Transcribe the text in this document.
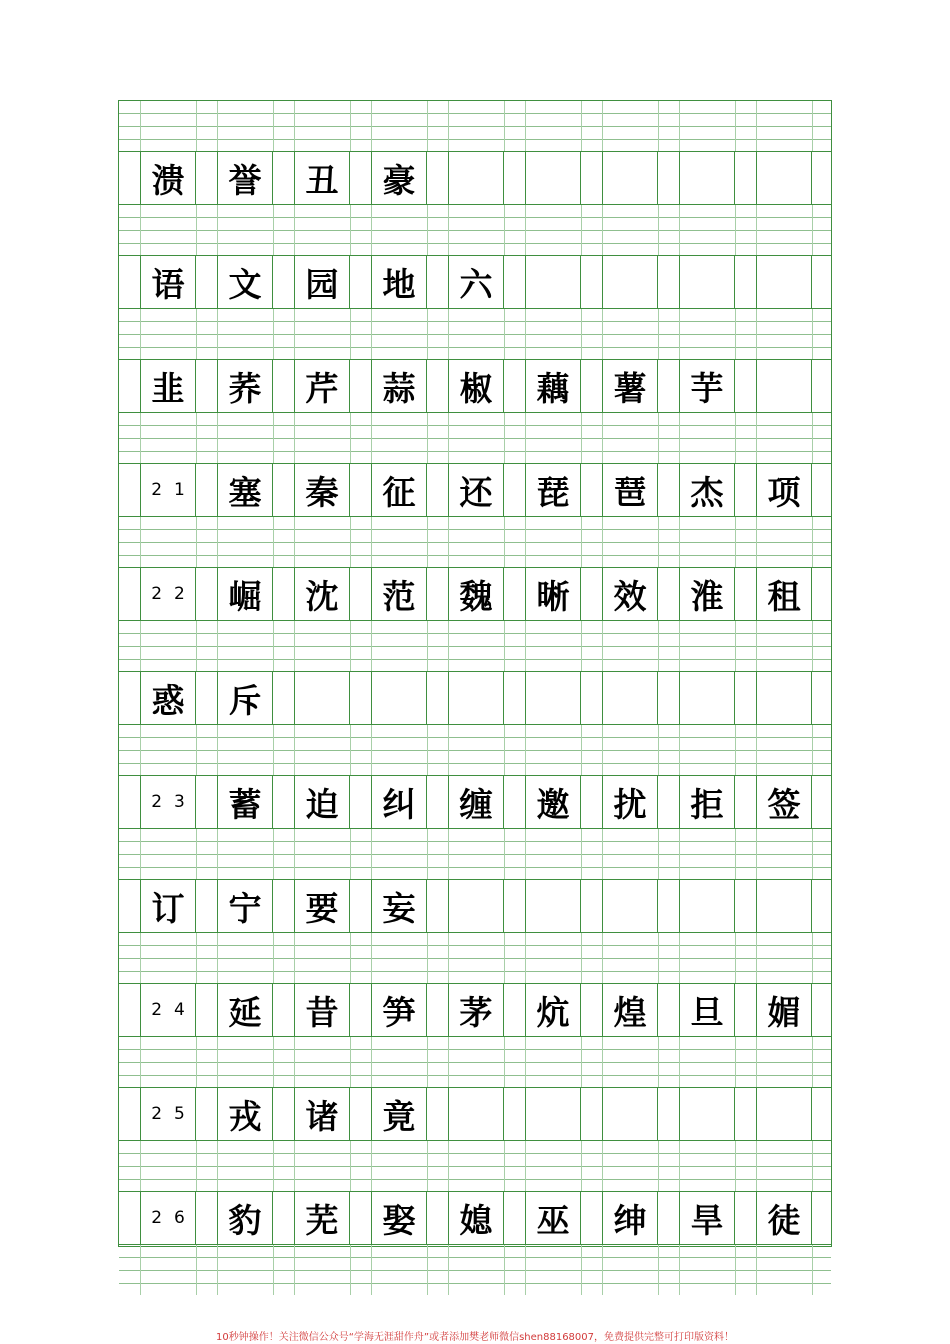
溃	誉	丑	豪
语	文	园	地	六
韭	荞	芹	蒜	椒	藕	薯	芋
21 塞	秦	征	还	琵	琶	杰	项
22 崛	沈	范	魏	晰	效	淮	租
惑	斥
23 蓄	迫	纠	缠	邀	扰	拒	签
订	宁	要	妄
24 延	昔	笋	茅	炕	煌	旦	媚
25 戎	诸	竟
26 豹	芜	娶	媳	巫	绅	旱	徒
10秒钟操作！关注微信公众号“学海无涯甜作舟”或者添加樊老师微信shen88168007，免费提供完整可打印版资料！
